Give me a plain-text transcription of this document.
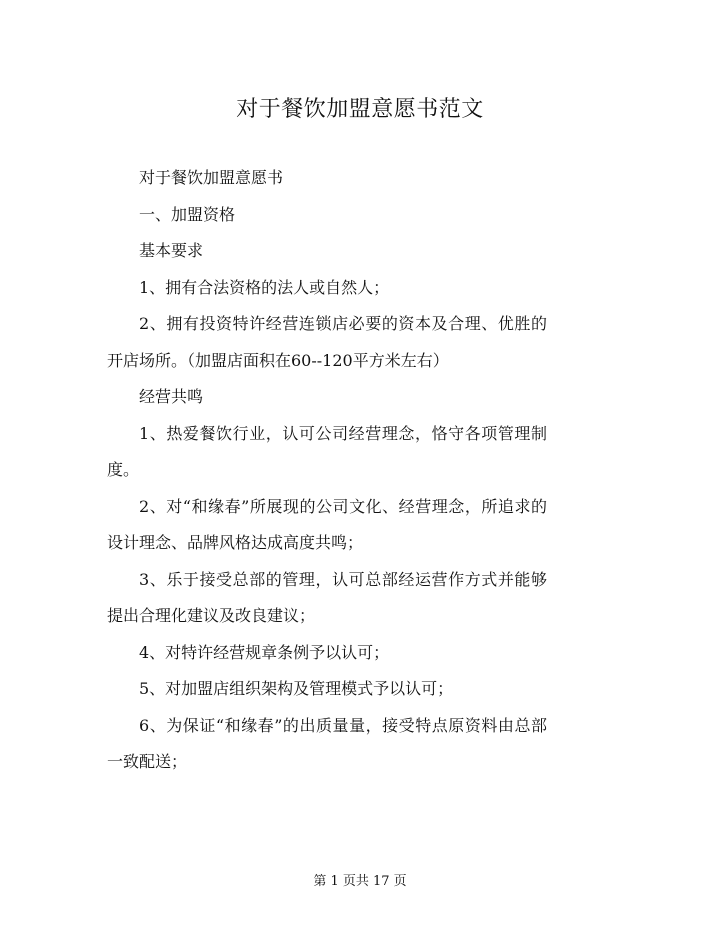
对于餐饮加盟意愿书范文

对于餐饮加盟意愿书

一、加盟资格

基本要求

1、拥有合法资格的法人或自然人；

2、拥有投资特许经营连锁店必要的资本及合理、优胜的开店场所。（加盟店面积在60--120平方米左右）

经营共鸣

1、热爱餐饮行业，认可公司经营理念，恪守各项管理制度。

2、对“和缘春”所展现的公司文化、经营理念，所追求的设计理念、品牌风格达成高度共鸣；

3、乐于接受总部的管理，认可总部经运营作方式并能够提出合理化建议及改良建议；

4、对特许经营规章条例予以认可；

5、对加盟店组织架构及管理模式予以认可；

6、为保证“和缘春”的出质量量，接受特点原资料由总部一致配送；

第 1 页共 17 页
